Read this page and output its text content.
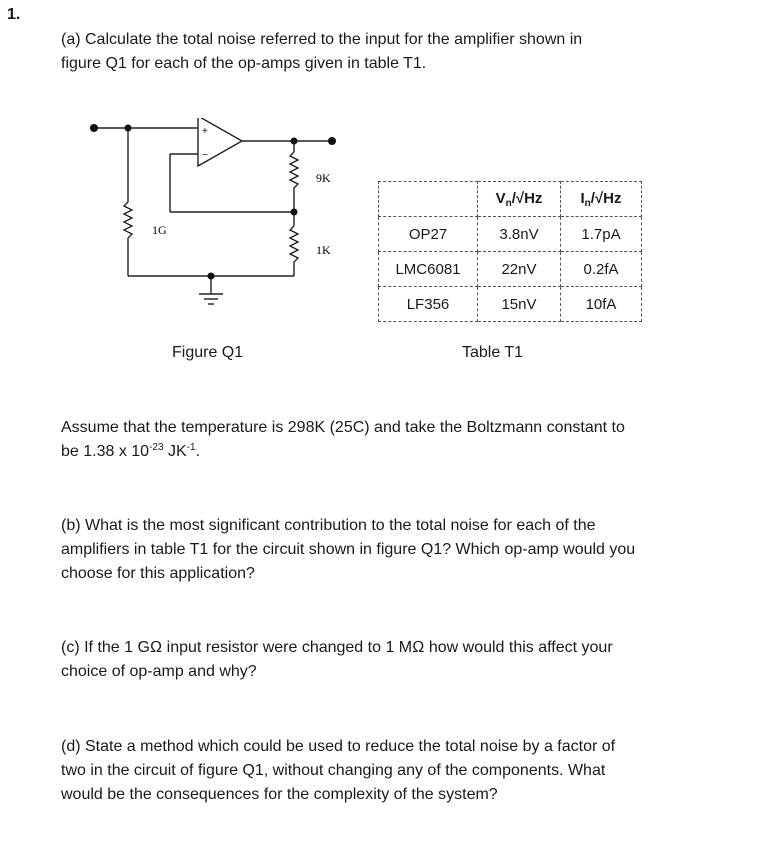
1.
(a) Calculate the total noise referred to the input for the amplifier shown in
figure Q1 for each of the op-amps given in table T1.
+
−
1G
9K
1K
Figure Q1
	$V_n/√Hz$	$I_n/√Hz$
OP27	3.8nV	1.7pA
LMC6081	22nV	0.2fA
LF356	15nV	10fA
Table T1
Assume that the temperature is 298K (25C) and take the Boltzmann constant to
be 1.38 x $10^{-23}$ $JK^{-1}$.
(b) What is the most significant contribution to the total noise for each of the
amplifiers in table T1 for the circuit shown in figure Q1? Which op-amp would you
choose for this application?
(c) If the 1 GΩ input resistor were changed to 1 MΩ how would this affect your
choice of op-amp and why?
(d) State a method which could be used to reduce the total noise by a factor of
two in the circuit of figure Q1, without changing any of the components. What
would be the consequences for the complexity of the system?
